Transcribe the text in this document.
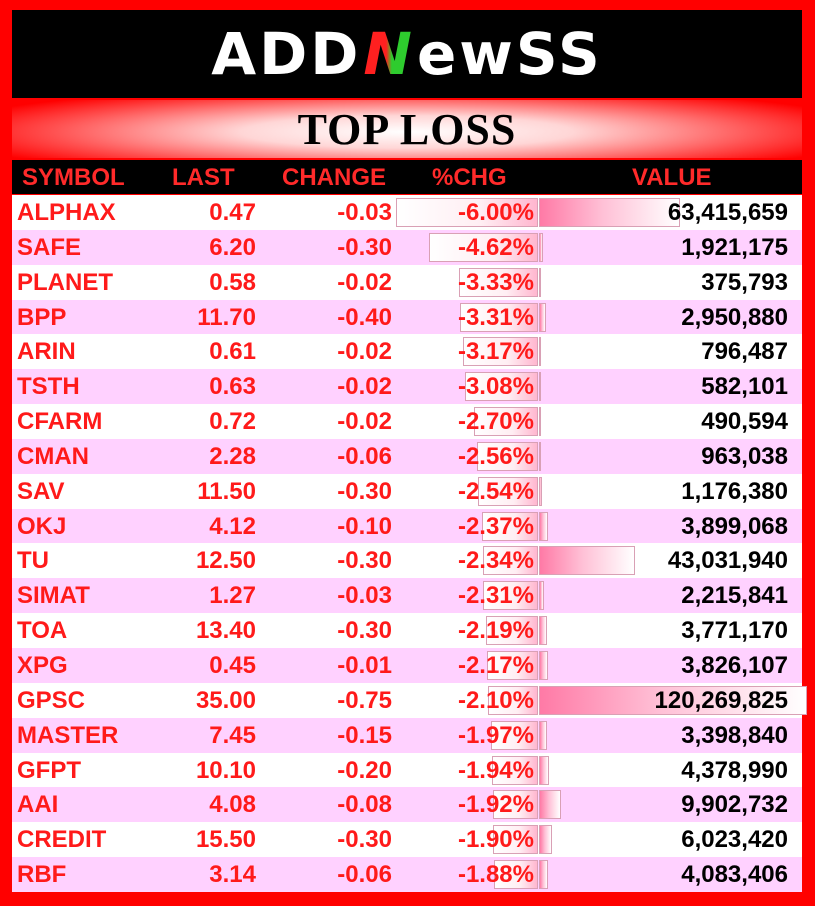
ADD N ewSS
TOP LOSS
SYMBOL LAST CHANGE %CHG	VALUE
ALPHAX	0.47	-0.03	-6.00%	63,415,659
SAFE	6.20	-0.30	-4.62%	1,921,175
PLANET	0.58	-0.02	-3.33%	375,793
BPP	11.70	-0.40	-3.31%	2,950,880
ARIN	0.61	-0.02	-3.17%	796,487
TSTH	0.63	-0.02	-3.08%	582,101
CFARM	0.72	-0.02	-2.70%	490,594
CMAN	2.28	-0.06	-2.56%	963,038
SAV	11.50	-0.30	-2.54%	1,176,380
OKJ	4.12	-0.10	-2.37%	3,899,068
TU	12.50	-0.30	-2.34%	43,031,940
SIMAT	1.27	-0.03	-2.31%	2,215,841
TOA	13.40	-0.30	-2.19%	3,771,170
XPG	0.45	-0.01	-2.17%	3,826,107
GPSC	35.00	-0.75	-2.10%	120,269,825
MASTER	7.45	-0.15	-1.97%	3,398,840
GFPT	10.10	-0.20	-1.94%	4,378,990
AAI	4.08	-0.08	-1.92%	9,902,732
CREDIT	15.50	-0.30	-1.90%	6,023,420
RBF	3.14	-0.06	-1.88%	4,083,406
